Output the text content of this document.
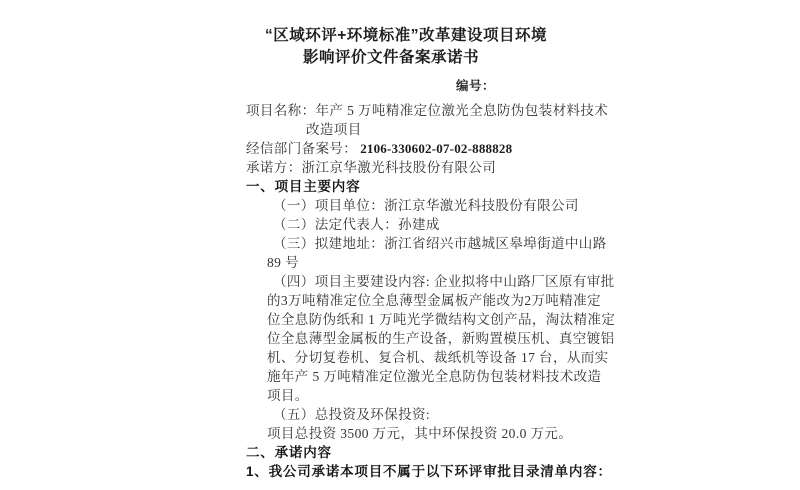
“区域环评+环境标准”改革建设项目环境
影响评价文件备案承诺书
编号：
项目名称：年产 5 万吨精准定位激光全息防伪包装材料技术
改造项目
经信部门备案号： 2106-330602-07-02-888828
承诺方：浙江京华激光科技股份有限公司
一、项目主要内容
（一）项目单位：浙江京华激光科技股份有限公司
（二）法定代表人：孙建成
（三）拟建地址：浙江省绍兴市越城区皋埠街道中山路
89 号
（四）项目主要建设内容: 企业拟将中山路厂区原有审批
的3万吨精准定位全息薄型金属板产能改为2万吨精准定
位全息防伪纸和 1 万吨光学微结构文创产品，淘汰精准定
位全息薄型金属板的生产设备，新购置模压机、真空镀铝
机、分切复卷机、复合机、裁纸机等设备 17 台，从而实
施年产 5 万吨精准定位激光全息防伪包装材料技术改造
项目。
（五）总投资及环保投资:
项目总投资 3500 万元，其中环保投资 20.0 万元。
二、承诺内容
1、我公司承诺本项目不属于以下环评审批目录清单内容：
